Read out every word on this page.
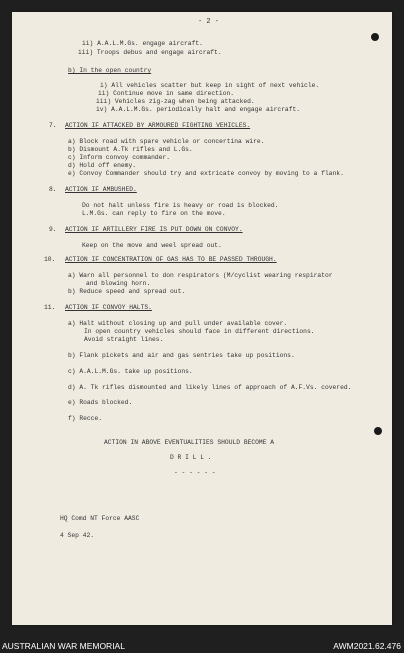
- 2 -
ii) A.A.L.M.Gs. engage aircraft.
iii) Troops debus and engage aircraft.
b) In the open country
i) All vehicles scatter but keep in sight of next vehicle.
ii) Continue move in same direction.
iii) Vehicles zig-zag when being attacked.
iv) A.A.L.M.Gs. periodically halt and engage aircraft.
7. ACTION IF ATTACKED BY ARMOURED FIGHTING VEHICLES.
a) Block road with spare vehicle or concertina wire.
b) Dismount A.Tk rifles and L.Gs.
c) Inform convoy commander.
d) Hold off enemy.
e) Convoy Commander should try and extricate convoy by moving to a flank.
8. ACTION IF AMBUSHED.
Do not halt unless fire is heavy or road is blocked.
L.M.Gs. can reply to fire on the move.
9. ACTION IF ARTILLERY FIRE IS PUT DOWN ON CONVOY.
Keep on the move and weel spread out.
10. ACTION IF CONCENTRATION OF GAS HAS TO BE PASSED THROUGH.
a) Warn all personnel to don respirators (M/cyclist wearing respirator
and blowing horn.
b) Reduce speed and spread out.
11. ACTION IF CONVOY HALTS.
a) Halt without closing up and pull under available cover.
In open country vehicles should face in different directions.
Avoid straight lines.
b) Flank pickets and air and gas sentries take up positions.
c) A.A.L.M.Gs. take up positions.
d) A. Tk rifles dismounted and likely lines of approach of A.F.Vs. covered.
e) Roads blocked.
f) Recce.
ACTION IN ABOVE EVENTUALITIES SHOULD BECOME A
D R I L L .
- - - - - -
HQ Comd NT Force AASC
4 Sep 42.
AUSTRALIAN WAR MEMORIAL	AWM2021.62.476
